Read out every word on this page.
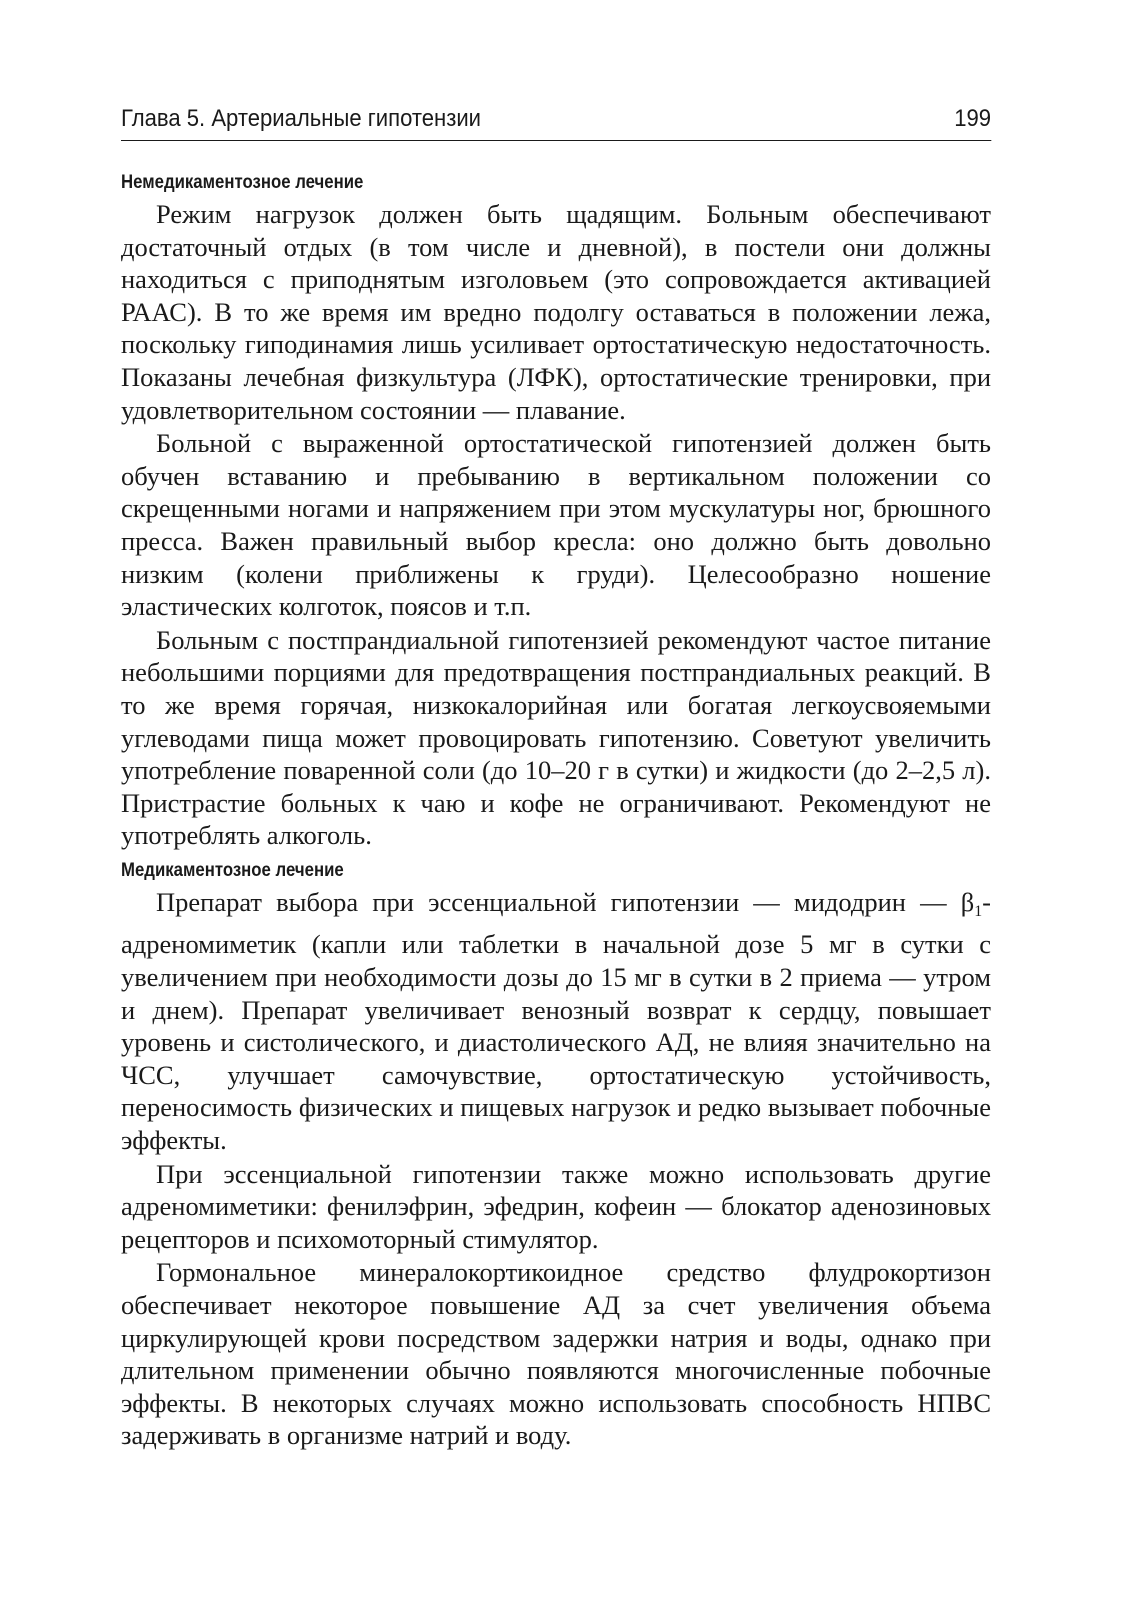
Глава 5. Артериальные гипотензии	199
Немедикаментозное лечение

Режим нагрузок должен быть щадящим. Больным обеспечивают достаточный отдых (в том числе и дневной), в постели они должны находиться с приподнятым изголовьем (это сопровождается активацией РААС). В то же время им вредно подолгу оставаться в положении лежа, поскольку гиподинамия лишь усиливает ортостатическую недостаточность. Показаны лечебная физкультура (ЛФК), ортостатические тренировки, при удовлетворительном состоянии — плавание.

Больной с выраженной ортостатической гипотензией должен быть обучен вставанию и пребыванию в вертикальном положении со скрещенными ногами и напряжением при этом мускулатуры ног, брюшного пресса. Важен правильный выбор кресла: оно должно быть довольно низким (колени приближены к груди). Целесообразно ношение эластических колготок, поясов и т.п.

Больным с постпрандиальной гипотензией рекомендуют частое питание небольшими порциями для предотвращения постпрандиальных реакций. В то же время горячая, низкокалорийная или богатая легкоусвояемыми углеводами пища может провоцировать гипотензию. Советуют увеличить употребление поваренной соли (до 10–20 г в сутки) и жидкости (до 2–2,5 л). Пристрастие больных к чаю и кофе не ограничивают. Рекомендуют не употреблять алкоголь.

Медикаментозное лечение

Препарат выбора при эссенциальной гипотензии — мидодрин — $\beta_1$-адреномиметик (капли или таблетки в начальной дозе 5 мг в сутки с увеличением при необходимости дозы до 15 мг в сутки в 2 приема — утром и днем). Препарат увеличивает венозный возврат к сердцу, повышает уровень и систолического, и диастолического АД, не влияя значительно на ЧСС, улучшает самочувствие, ортостатическую устойчивость, переносимость физических и пищевых нагрузок и редко вызывает побочные эффекты.

При эссенциальной гипотензии также можно использовать другие адреномиметики: фенилэфрин, эфедрин, кофеин — блокатор аденозиновых рецепторов и психомоторный стимулятор.

Гормональное минералокортикоидное средство флудрокортизон обеспечивает некоторое повышение АД за счет увеличения объема циркулирующей крови посредством задержки натрия и воды, однако при длительном применении обычно появляются многочисленные побочные эффекты. В некоторых случаях можно использовать способность НПВС задерживать в организме натрий и воду.
